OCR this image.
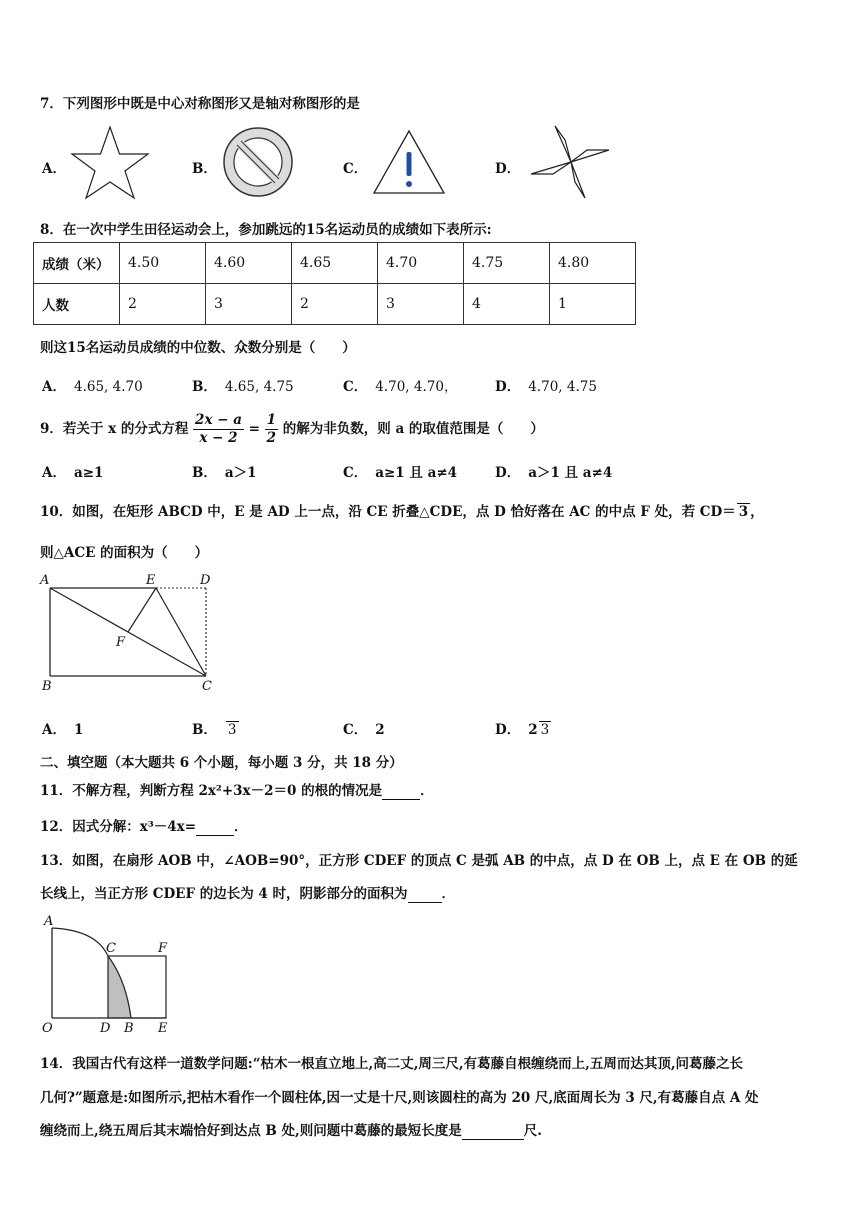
7．下列图形中既是中心对称图形又是轴对称图形的是
A．	B．	C．	D．
8．在一次中学生田径运动会上，参加跳远的15名运动员的成绩如下表所示:
成绩（米）	4.50	4.60	4.65	4.70	4.75	4.80
人数	2	3	2	3	4	1
则这15名运动员成绩的中位数、众数分别是（　　）
A． 4.65, 4.70	B． 4.65, 4.75	C． 4.70, 4.70，	D． 4.70, 4.75
9．若关于 x 的分式方程 $\frac{2x - a}{x - 2} = \frac{1}{2}$ 的解为非负数，则 a 的取值范围是（　　）
A． a≥1	B． a＞1	C． a≥1 且 a≠4	D． a＞1 且 a≠4
10．如图，在矩形 ABCD 中，E 是 AD 上一点，沿 CE 折叠△CDE，点 D 恰好落在 AC 的中点 F 处，若 CD＝ 3 ，
则△ACE 的面积为（　　）
A	E	D
F
B	C
A． 1	B． 3	C． 2	D． 2 3
二、填空题（本大题共 6 个小题，每小题 3 分，共 18 分）
11．不解方程，判断方程 2x²+3x－2＝0 的根的情况是	．
12．因式分解：x³－4x=	．
13．如图，在扇形 AOB 中，∠AOB=90°，正方形 CDEF 的顶点 C 是弧 AB 的中点，点 D 在 OB 上，点 E 在 OB 的延
长线上，当正方形 CDEF 的边长为 4 时，阴影部分的面积为	．
A
C	F
O	D B E
14．我国古代有这样一道数学问题:“枯木一根直立地上,高二丈,周三尺,有葛藤自根缠绕而上,五周而达其顶,问葛藤之长
几何?”题意是:如图所示,把枯木看作一个圆柱体,因一丈是十尺,则该圆柱的高为 20 尺,底面周长为 3 尺,有葛藤自点 A 处
缠绕而上,绕五周后其末端恰好到达点 B 处,则问题中葛藤的最短长度是	尺.
